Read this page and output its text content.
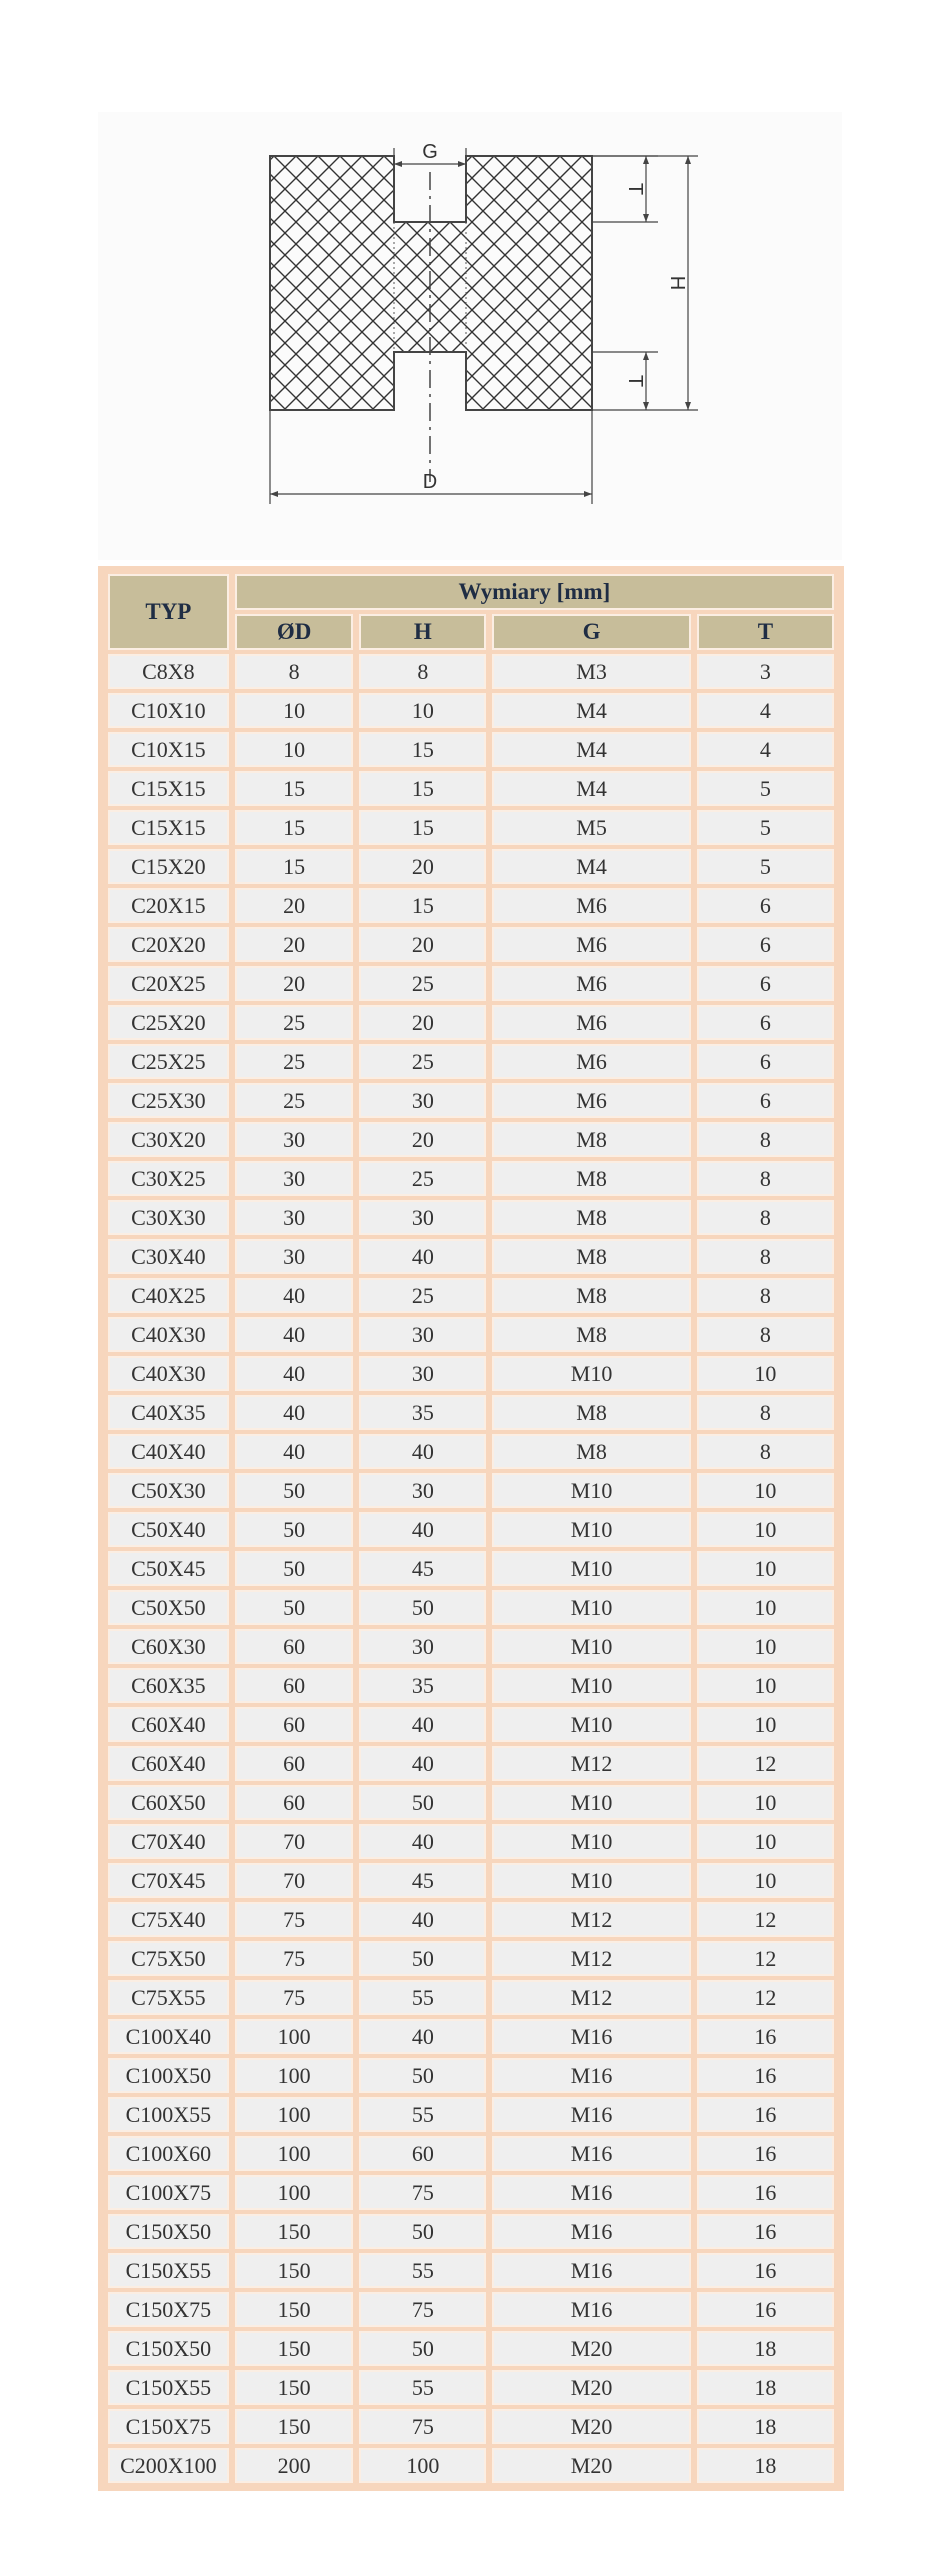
G
T
H
T
D
TYP	Wymiary [mm]			
	ØD	H	G	T
C8X8	8	8	M3	3
C10X10	10	10	M4	4
C10X15	10	15	M4	4
C15X15	15	15	M4	5
C15X15	15	15	M5	5
C15X20	15	20	M4	5
C20X15	20	15	M6	6
C20X20	20	20	M6	6
C20X25	20	25	M6	6
C25X20	25	20	M6	6
C25X25	25	25	M6	6
C25X30	25	30	M6	6
C30X20	30	20	M8	8
C30X25	30	25	M8	8
C30X30	30	30	M8	8
C30X40	30	40	M8	8
C40X25	40	25	M8	8
C40X30	40	30	M8	8
C40X30	40	30	M10	10
C40X35	40	35	M8	8
C40X40	40	40	M8	8
C50X30	50	30	M10	10
C50X40	50	40	M10	10
C50X45	50	45	M10	10
C50X50	50	50	M10	10
C60X30	60	30	M10	10
C60X35	60	35	M10	10
C60X40	60	40	M10	10
C60X40	60	40	M12	12
C60X50	60	50	M10	10
C70X40	70	40	M10	10
C70X45	70	45	M10	10
C75X40	75	40	M12	12
C75X50	75	50	M12	12
C75X55	75	55	M12	12
C100X40	100	40	M16	16
C100X50	100	50	M16	16
C100X55	100	55	M16	16
C100X60	100	60	M16	16
C100X75	100	75	M16	16
C150X50	150	50	M16	16
C150X55	150	55	M16	16
C150X75	150	75	M16	16
C150X50	150	50	M20	18
C150X55	150	55	M20	18
C150X75	150	75	M20	18
C200X100	200	100	M20	18
